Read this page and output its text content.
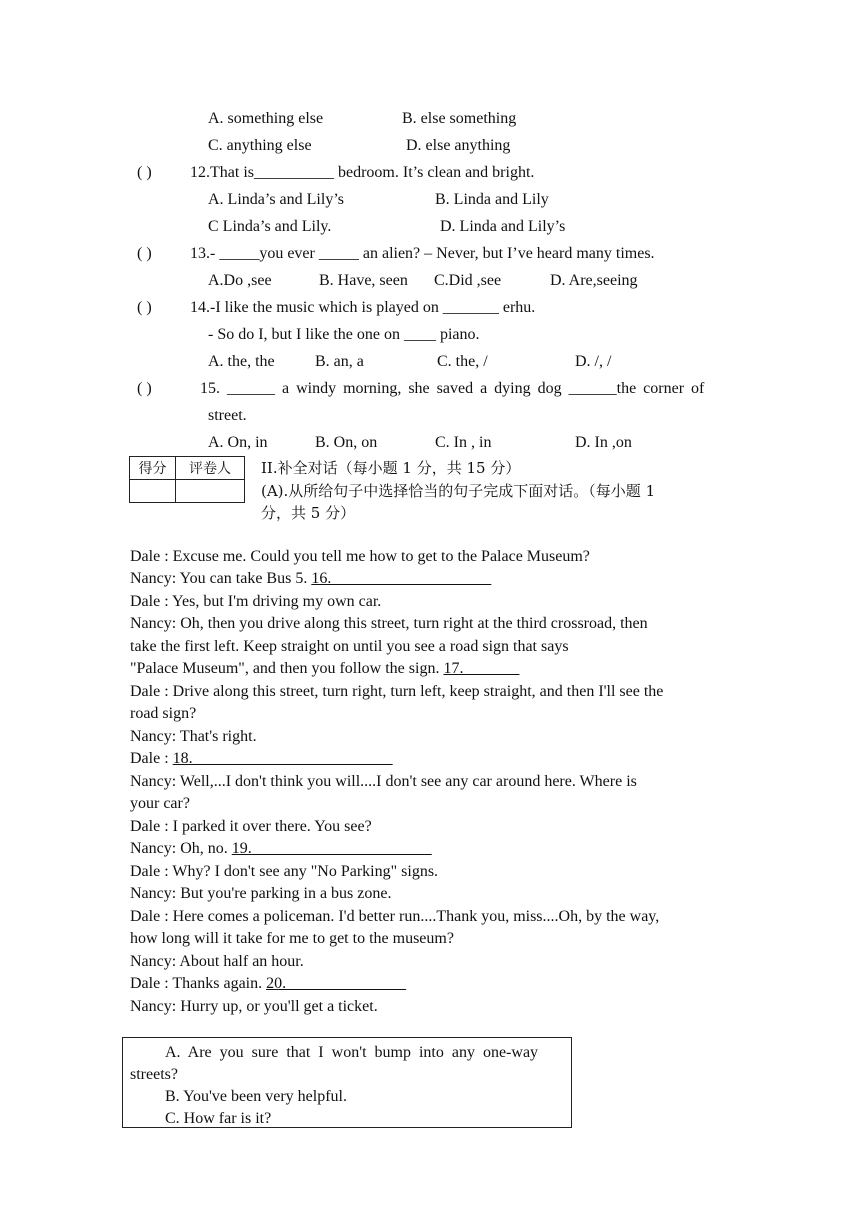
A. something else	B. else something
C. anything else	D. else anything
( ) 12.That is__________ bedroom. It’s clean and bright.
A. Linda’s and Lily’s	B. Linda and Lily
C Linda’s and Lily.	D. Linda and Lily’s
( ) 13.- _____you ever _____ an alien? – Never, but I’ve heard many times.
A.Do ,see	B. Have, seen C.Did ,see	D. Are,seeing
( ) 14.-I like the music which is played on _______ erhu.
- So do I, but I like the one on ____ piano.
A. the, the	B. an, a	C. the, /	D. /, /
( )	15. ______ a windy morning, she saved a dying dog ______the corner of
street.
A. On, in	B. On, on	C. In , in	D. In ,on
得分	评卷人
	II.补全对话（每小题 1 分，共 15 分）
(A).从所给句子中选择恰当的句子完成下面对话。（每小题 1
分，共 5 分）
Dale : Excuse me. Could you tell me how to get to the Palace Museum?
Nancy: You can take Bus 5. 16.
Dale : Yes, but I'm driving my own car.
Nancy: Oh, then you drive along this street, turn right at the third crossroad, then
take the first left. Keep straight on until you see a road sign that says
"Palace Museum", and then you follow the sign. 17.
Dale : Drive along this street, turn right, turn left, keep straight, and then I'll see the
road sign?
Nancy: That's right.
Dale : 18.
Nancy: Well,...I don't think you will....I don't see any car around here. Where is
your car?
Dale : I parked it over there. You see?
Nancy: Oh, no. 19.
Dale : Why? I don't see any "No Parking" signs.
Nancy: But you're parking in a bus zone.
Dale : Here comes a policeman. I'd better run....Thank you, miss....Oh, by the way,
how long will it take for me to get to the museum?
Nancy: About half an hour.
Dale : Thanks again. 20.
Nancy: Hurry up, or you'll get a ticket.
A.  Are  you  sure  that  I  won't  bump  into  any  one-way
streets?
B. You've been very helpful.
C. How far is it?
